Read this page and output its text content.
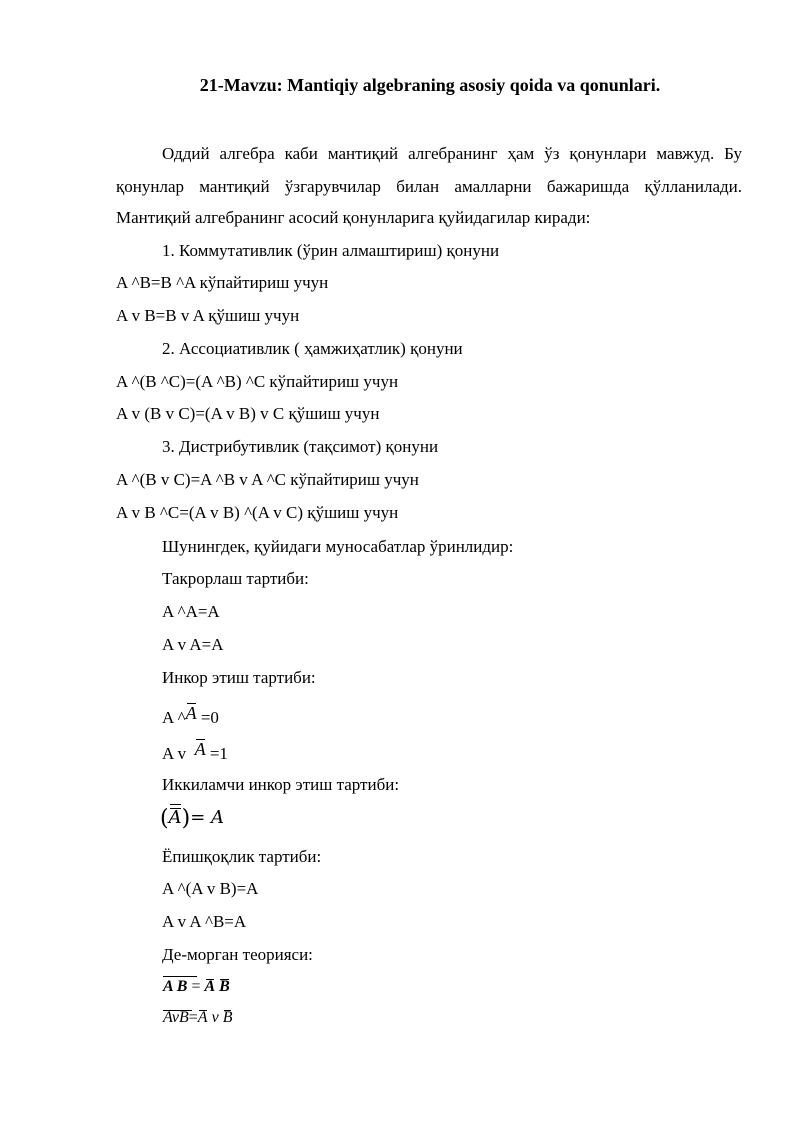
21-Mavzu: Mantiqiy algebraning asosiy qoida va qonunlari.
Оддий алгебра каби мантиқий алгебранинг ҳам ўз қонунлари мавжуд. Бу
қонунлар мантиқий ўзгарувчилар билан амалларни бажаришда қўлланилади.
Мантиқий алгебранинг асосий қонунларига қуйидагилар киради:
1. Коммутативлик (ўрин алмаштириш) қонуни
A ^B=B ^A кўпайтириш учун
A v B=B v A қўшиш учун
2. Ассоциативлик ( ҳамжиҳатлик) қонуни
A ^(B ^C)=(A ^B) ^C кўпайтириш учун
A v (B v C)=(A v B) v C қўшиш учун
3. Дистрибутивлик (тақсимот) қонуни
A ^(B v C)=A ^B v A ^C кўпайтириш учун
A v B ^C=(A v B) ^(A v C) қўшиш учун
Шунингдек, қуйидаги муносабатлар ўринлидир:
Такрорлаш тартиби:
A ^A=A
A v A=A
Инкор этиш тартиби:
A ^A =0
A v A =1
Иккиламчи инкор этиш тартиби:
(A)= A
Ёпишқоқлик тартиби:
A ^(A v B)=A
A v A ^B=A
Де-морган теорияси:
A B = A B
AvB=A v B
